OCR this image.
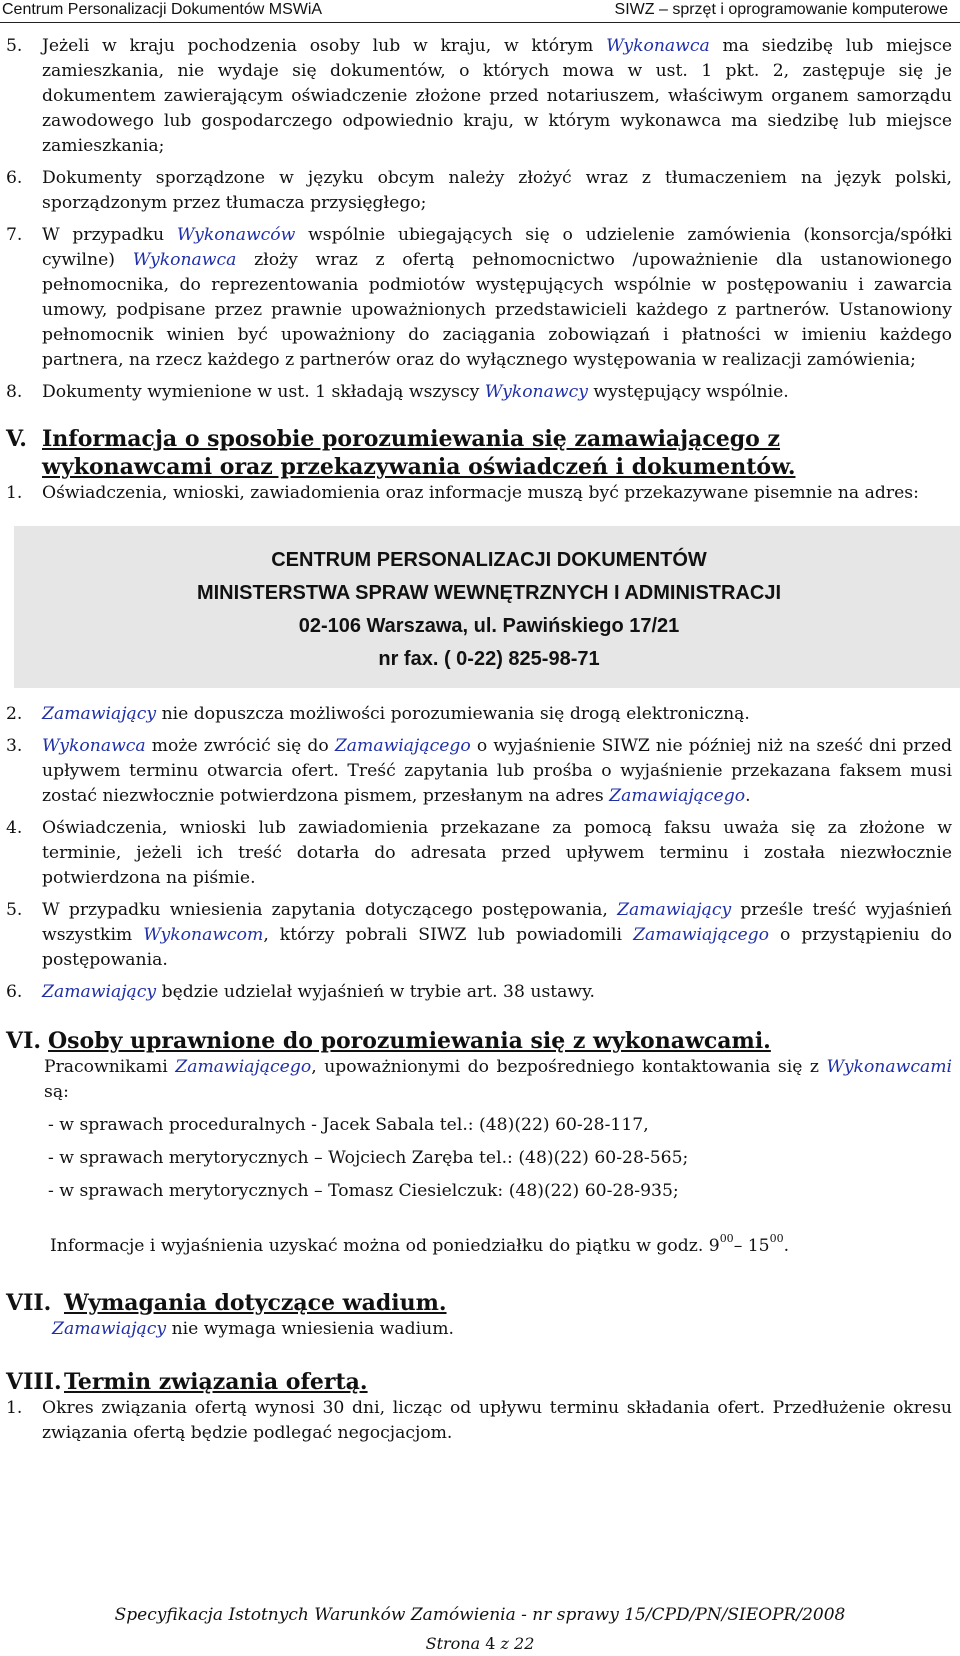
Centrum Personalizacji Dokumentów MSWiA	SIWZ – sprzęt i oprogramowanie komputerowe
5. Jeżeli w kraju pochodzenia osoby lub w kraju, w którym Wykonawca ma siedzibę lub miejsce zamieszkania, nie wydaje się dokumentów, o których mowa w ust. 1 pkt. 2, zastępuje się je dokumentem zawierającym oświadczenie złożone przed notariuszem, właściwym organem samorządu zawodowego lub gospodarczego odpowiednio kraju, w którym wykonawca ma siedzibę lub miejsce zamieszkania;
6. Dokumenty sporządzone w języku obcym należy złożyć wraz z tłumaczeniem na język polski, sporządzonym przez tłumacza przysięgłego;
7. W przypadku Wykonawców wspólnie ubiegających się o udzielenie zamówienia (konsorcja/spółki cywilne) Wykonawca złoży wraz z ofertą pełnomocnictwo /upoważnienie dla ustanowionego pełnomocnika, do reprezentowania podmiotów występujących wspólnie w postępowaniu i zawarcia umowy, podpisane przez prawnie upoważnionych przedstawicieli każdego z partnerów. Ustanowiony pełnomocnik winien być upoważniony do zaciągania zobowiązań i płatności w imieniu każdego partnera, na rzecz każdego z partnerów oraz do wyłącznego występowania w realizacji zamówienia;
8. Dokumenty wymienione w ust. 1 składają wszyscy Wykonawcy występujący wspólnie.
V. Informacja o sposobie porozumiewania się zamawiającego z wykonawcami oraz przekazywania oświadczeń i dokumentów.
1. Oświadczenia, wnioski, zawiadomienia oraz informacje muszą być przekazywane pisemnie na adres:
CENTRUM PERSONALIZACJI DOKUMENTÓW
MINISTERSTWA SPRAW WEWNĘTRZNYCH I ADMINISTRACJI
02-106 Warszawa, ul. Pawińskiego 17/21
nr fax. ( 0-22) 825-98-71
2. Zamawiający nie dopuszcza możliwości porozumiewania się drogą elektroniczną.
3. Wykonawca może zwrócić się do Zamawiającego o wyjaśnienie SIWZ nie później niż na sześć dni przed upływem terminu otwarcia ofert. Treść zapytania lub prośba o wyjaśnienie przekazana faksem musi zostać niezwłocznie potwierdzona pismem, przesłanym na adres Zamawiającego.
4. Oświadczenia, wnioski lub zawiadomienia przekazane za pomocą faksu uważa się za złożone w terminie, jeżeli ich treść dotarła do adresata przed upływem terminu i została niezwłocznie potwierdzona na piśmie.
5. W przypadku wniesienia zapytania dotyczącego postępowania, Zamawiający prześle treść wyjaśnień wszystkim Wykonawcom, którzy pobrali SIWZ lub powiadomili Zamawiającego o przystąpieniu do postępowania.
6. Zamawiający będzie udzielał wyjaśnień w trybie art. 38 ustawy.
VI. Osoby uprawnione do porozumiewania się z wykonawcami.
Pracownikami Zamawiającego, upoważnionymi do bezpośredniego kontaktowania się z Wykonawcami są:
- w sprawach proceduralnych - Jacek Sabala tel.: (48)(22) 60-28-117,
- w sprawach merytorycznych – Wojciech Zaręba tel.: (48)(22) 60-28-565;
- w sprawach merytorycznych – Tomasz Ciesielczuk: (48)(22) 60-28-935;
Informacje i wyjaśnienia uzyskać można od poniedziałku do piątku w godz. $9^{00}-$ $15^{00}$.
VII. Wymagania dotyczące wadium.
Zamawiający nie wymaga wniesienia wadium.
VIII. Termin związania ofertą.
1. Okres związania ofertą wynosi 30 dni, licząc od upływu terminu składania ofert. Przedłużenie okresu związania ofertą będzie podlegać negocjacjom.
Specyfikacja Istotnych Warunków Zamówienia - nr sprawy 15/CPD/PN/SIEOPR/2008
Strona 4 z 22
